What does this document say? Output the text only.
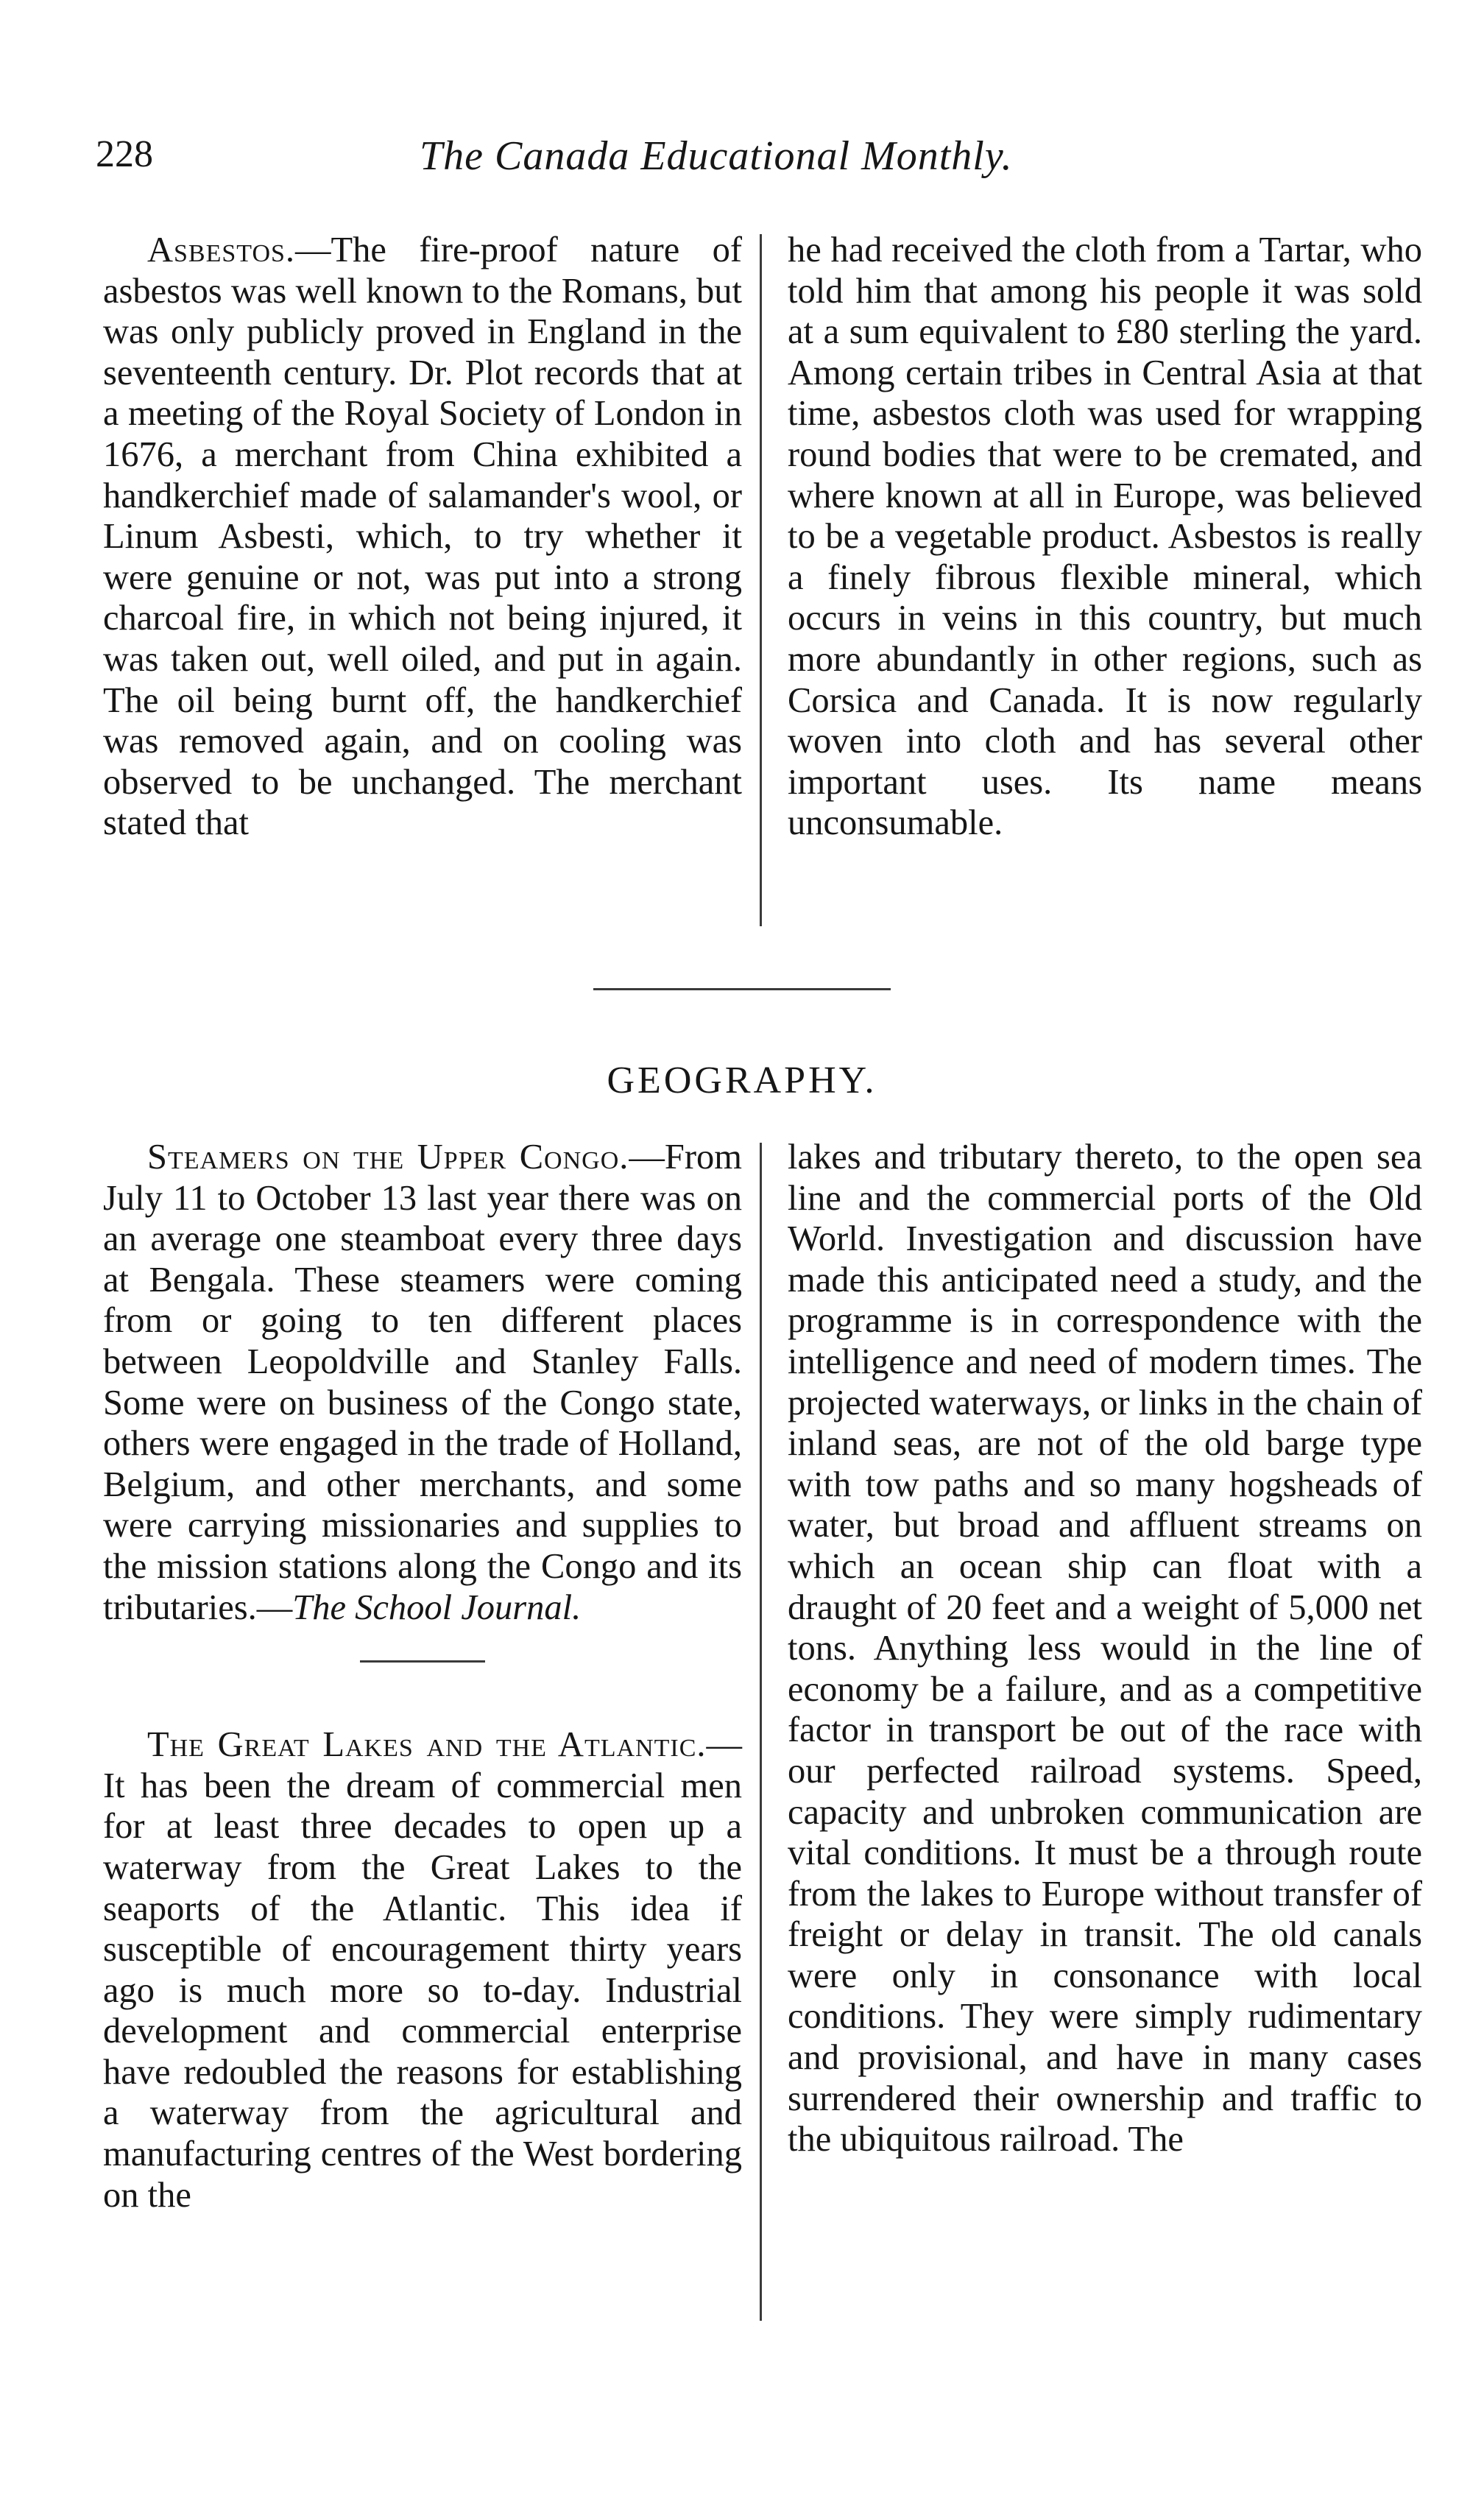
228	The Canada Educational Monthly.

Asbestos.—The fire-proof nature of asbestos was well known to the Romans, but was only publicly proved in England in the seventeenth century. Dr. Plot records that at a meeting of the Royal Society of London in 1676, a merchant from China exhibited a handkerchief made of salamander's wool, or Linum Asbesti, which, to try whether it were genuine or not, was put into a strong charcoal fire, in which not being injured, it was taken out, well oiled, and put in again. The oil being burnt off, the handkerchief was removed again, and on cooling was observed to be unchanged. The merchant stated that

he had received the cloth from a Tartar, who told him that among his people it was sold at a sum equivalent to £80 sterling the yard. Among certain tribes in Central Asia at that time, asbestos cloth was used for wrapping round bodies that were to be cremated, and where known at all in Europe, was believed to be a vegetable product. Asbestos is really a finely fibrous flexible mineral, which occurs in veins in this country, but much more abundantly in other regions, such as Corsica and Canada. It is now regularly woven into cloth and has several other important uses. Its name means unconsumable.

GEOGRAPHY.

Steamers on the Upper Congo.—From July 11 to October 13 last year there was on an average one steamboat every three days at Bengala. These steamers were coming from or going to ten different places between Leopoldville and Stanley Falls. Some were on business of the Congo state, others were engaged in the trade of Holland, Belgium, and other merchants, and some were carrying missionaries and supplies to the mission stations along the Congo and its tributaries.—The School Journal.

The Great Lakes and the Atlantic.—It has been the dream of commercial men for at least three decades to open up a waterway from the Great Lakes to the seaports of the Atlantic. This idea if susceptible of encouragement thirty years ago is much more so to-day. Industrial development and commercial enterprise have redoubled the reasons for establishing a waterway from the agricultural and manufacturing centres of the West bordering on the

lakes and tributary thereto, to the open sea line and the commercial ports of the Old World. Investigation and discussion have made this anticipated need a study, and the programme is in correspondence with the intelligence and need of modern times. The projected waterways, or links in the chain of inland seas, are not of the old barge type with tow paths and so many hogsheads of water, but broad and affluent streams on which an ocean ship can float with a draught of 20 feet and a weight of 5,000 net tons. Anything less would in the line of economy be a failure, and as a competitive factor in transport be out of the race with our perfected railroad systems. Speed, capacity and unbroken communication are vital conditions. It must be a through route from the lakes to Europe without transfer of freight or delay in transit. The old canals were only in consonance with local conditions. They were simply rudimentary and provisional, and have in many cases surrendered their ownership and traffic to the ubiquitous railroad. The
